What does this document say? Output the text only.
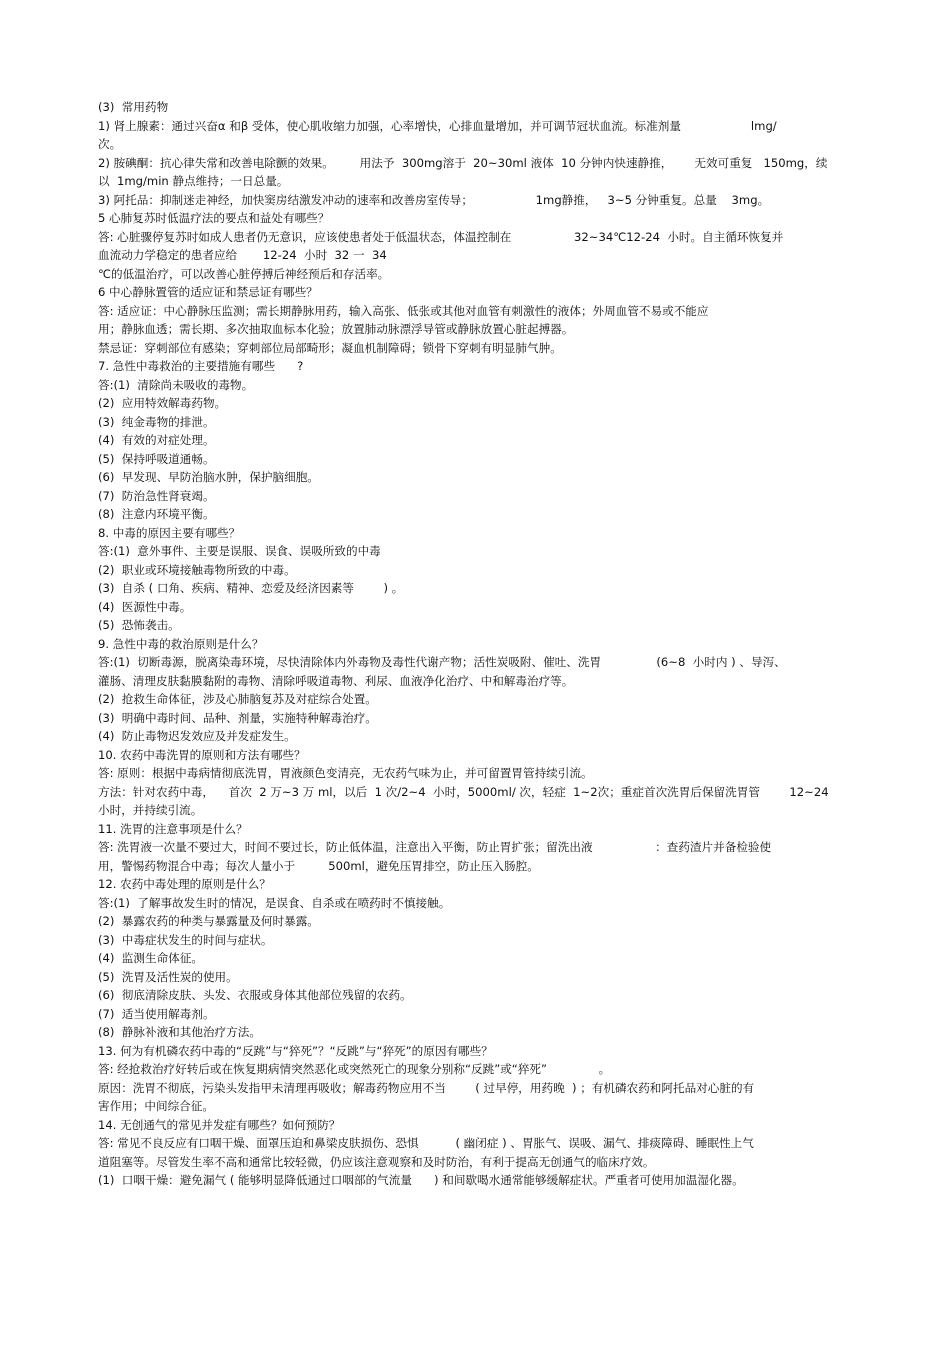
(3)  常用药物
1) 肾上腺素：通过兴奋α 和β 受体，使心肌收缩力加强，心率增快，心排血量增加，并可调节冠状血流。标准剂量                   lmg/
次。
2) 胺碘酮：抗心律失常和改善电除颤的效果。       用法予  300mg溶于  20~30ml 液体  10 分钟内快速静推，      无效可重复   150mg，续
以  1mg/min 静点维持；一日总量。
3) 阿托品：抑制迷走神经，加快窦房结激发冲动的速率和改善房室传导；                 1mg静推，   3~5 分钟重复。总量    3mg。
5 心肺复苏时低温疗法的要点和益处有哪些？
答: 心脏骤停复苏时如成人患者仍无意识，应该使患者处于低温状态，体温控制在                 32~34℃12-24  小时。自主循环恢复并
血流动力学稳定的患者应给       12-24  小时  32 一  34
℃的低温治疗，可以改善心脏停搏后神经预后和存活率。
6 中心静脉置管的适应证和禁忌证有哪些？
答: 适应证：中心静脉压监测；需长期静脉用药，输入高张、低张或其他对血管有刺激性的液体；外周血管不易或不能应
用；静脉血透；需长期、多次抽取血标本化验；放置肺动脉漂浮导管或静脉放置心脏起搏器。
禁忌证：穿刺部位有感染；穿刺部位局部畸形；凝血机制障碍；锁骨下穿刺有明显肺气肿。
7. 急性中毒救治的主要措施有哪些      ?
答:(1)  清除尚未吸收的毒物。
(2)  应用特效解毒药物。
(3)  纯金毒物的排泄。
(4)  有效的对症处理。
(5)  保持呼吸道通畅。
(6)  早发现、早防治脑水肿，保护脑细胞。
(7)  防治急性肾衰竭。
(8)  注意内环境平衡。
8. 中毒的原因主要有哪些？
答:(1)  意外事件、主要是误服、误食、误吸所致的中毒
(2)  职业或环境接触毒物所致的中毒。
(3)  自杀 ( 口角、疾病、精神、恋爱及经济因素等        ) 。
(4)  医源性中毒。
(5)  恐怖袭击。
9. 急性中毒的救治原则是什么？
答:(1)  切断毒源，脱离染毒环境，尽快清除体内外毒物及毒性代谢产物；活性炭吸附、催吐、洗胃               (6~8  小时内 ) 、导泻、
灌肠、清理皮肤黏膜黏附的毒物、清除呼吸道毒物、利尿、血液净化治疗、中和解毒治疗等。
(2)  抢救生命体征，涉及心肺脑复苏及对症综合处置。
(3)  明确中毒时间、品种、剂量，实施特种解毒治疗。
(4)  防止毒物迟发效应及并发症发生。
10. 农药中毒洗胃的原则和方法有哪些？
答: 原则：根据中毒病情彻底洗胃，胃液颜色变清亮，无农药气味为止，并可留置胃管持续引流。
方法：针对农药中毒，    首次  2 万~3 万 ml，以后  1 次/2~4  小时，5000ml/ 次，轻症  1~2次；重症首次洗胃后保留洗胃管        12~24
小时，并持续引流。
11. 洗胃的注意事项是什么？
答: 洗胃液一次量不要过大，时间不要过长，防止低体温，注意出入平衡，防止胃扩张；留洗出液                 ：查药渣片并备检验使
用，警惕药物混合中毒；每次人量小于         500ml，避免压胃排空，防止压入肠腔。
12. 农药中毒处理的原则是什么？
答:(1)  了解事故发生时的情况，是误食、自杀或在喷药时不慎接触。
(2)  暴露农药的种类与暴露量及何时暴露。
(3)  中毒症状发生的时间与症状。
(4)  监测生命体征。
(5)  洗胃及活性炭的使用。
(6)  彻底清除皮肤、头发、衣服或身体其他部位残留的农药。
(7)  适当使用解毒剂。
(8)  静脉补液和其他治疗方法。
13. 何为有机磷农药中毒的“反跳”与“猝死”？“反跳”与“猝死”的原因有哪些？
答: 经抢救治疗好转后或在恢复期病情突然恶化或突然死亡的现象分别称“反跳”或“猝死”              。
原因：洗胃不彻底，污染头发指甲未清理再吸收；解毒药物应用不当        ( 过早停，用药晚  ) ；有机磷农药和阿托品对心脏的有
害作用；中间综合征。
14. 无创通气的常见并发症有哪些？如何预防？
答: 常见不良反应有口咽干燥、面罩压迫和鼻梁皮肤损伤、恐惧          ( 幽闭症 ) 、胃胀气、误吸、漏气、排痰障碍、睡眠性上气
道阻塞等。尽管发生率不高和通常比较轻微，仍应该注意观察和及时防治，有利于提高无创通气的临床疗效。
(1)  口咽干燥：避免漏气 ( 能够明显降低通过口咽部的气流量      ) 和间歇喝水通常能够缓解症状。严重者可使用加温湿化器。
